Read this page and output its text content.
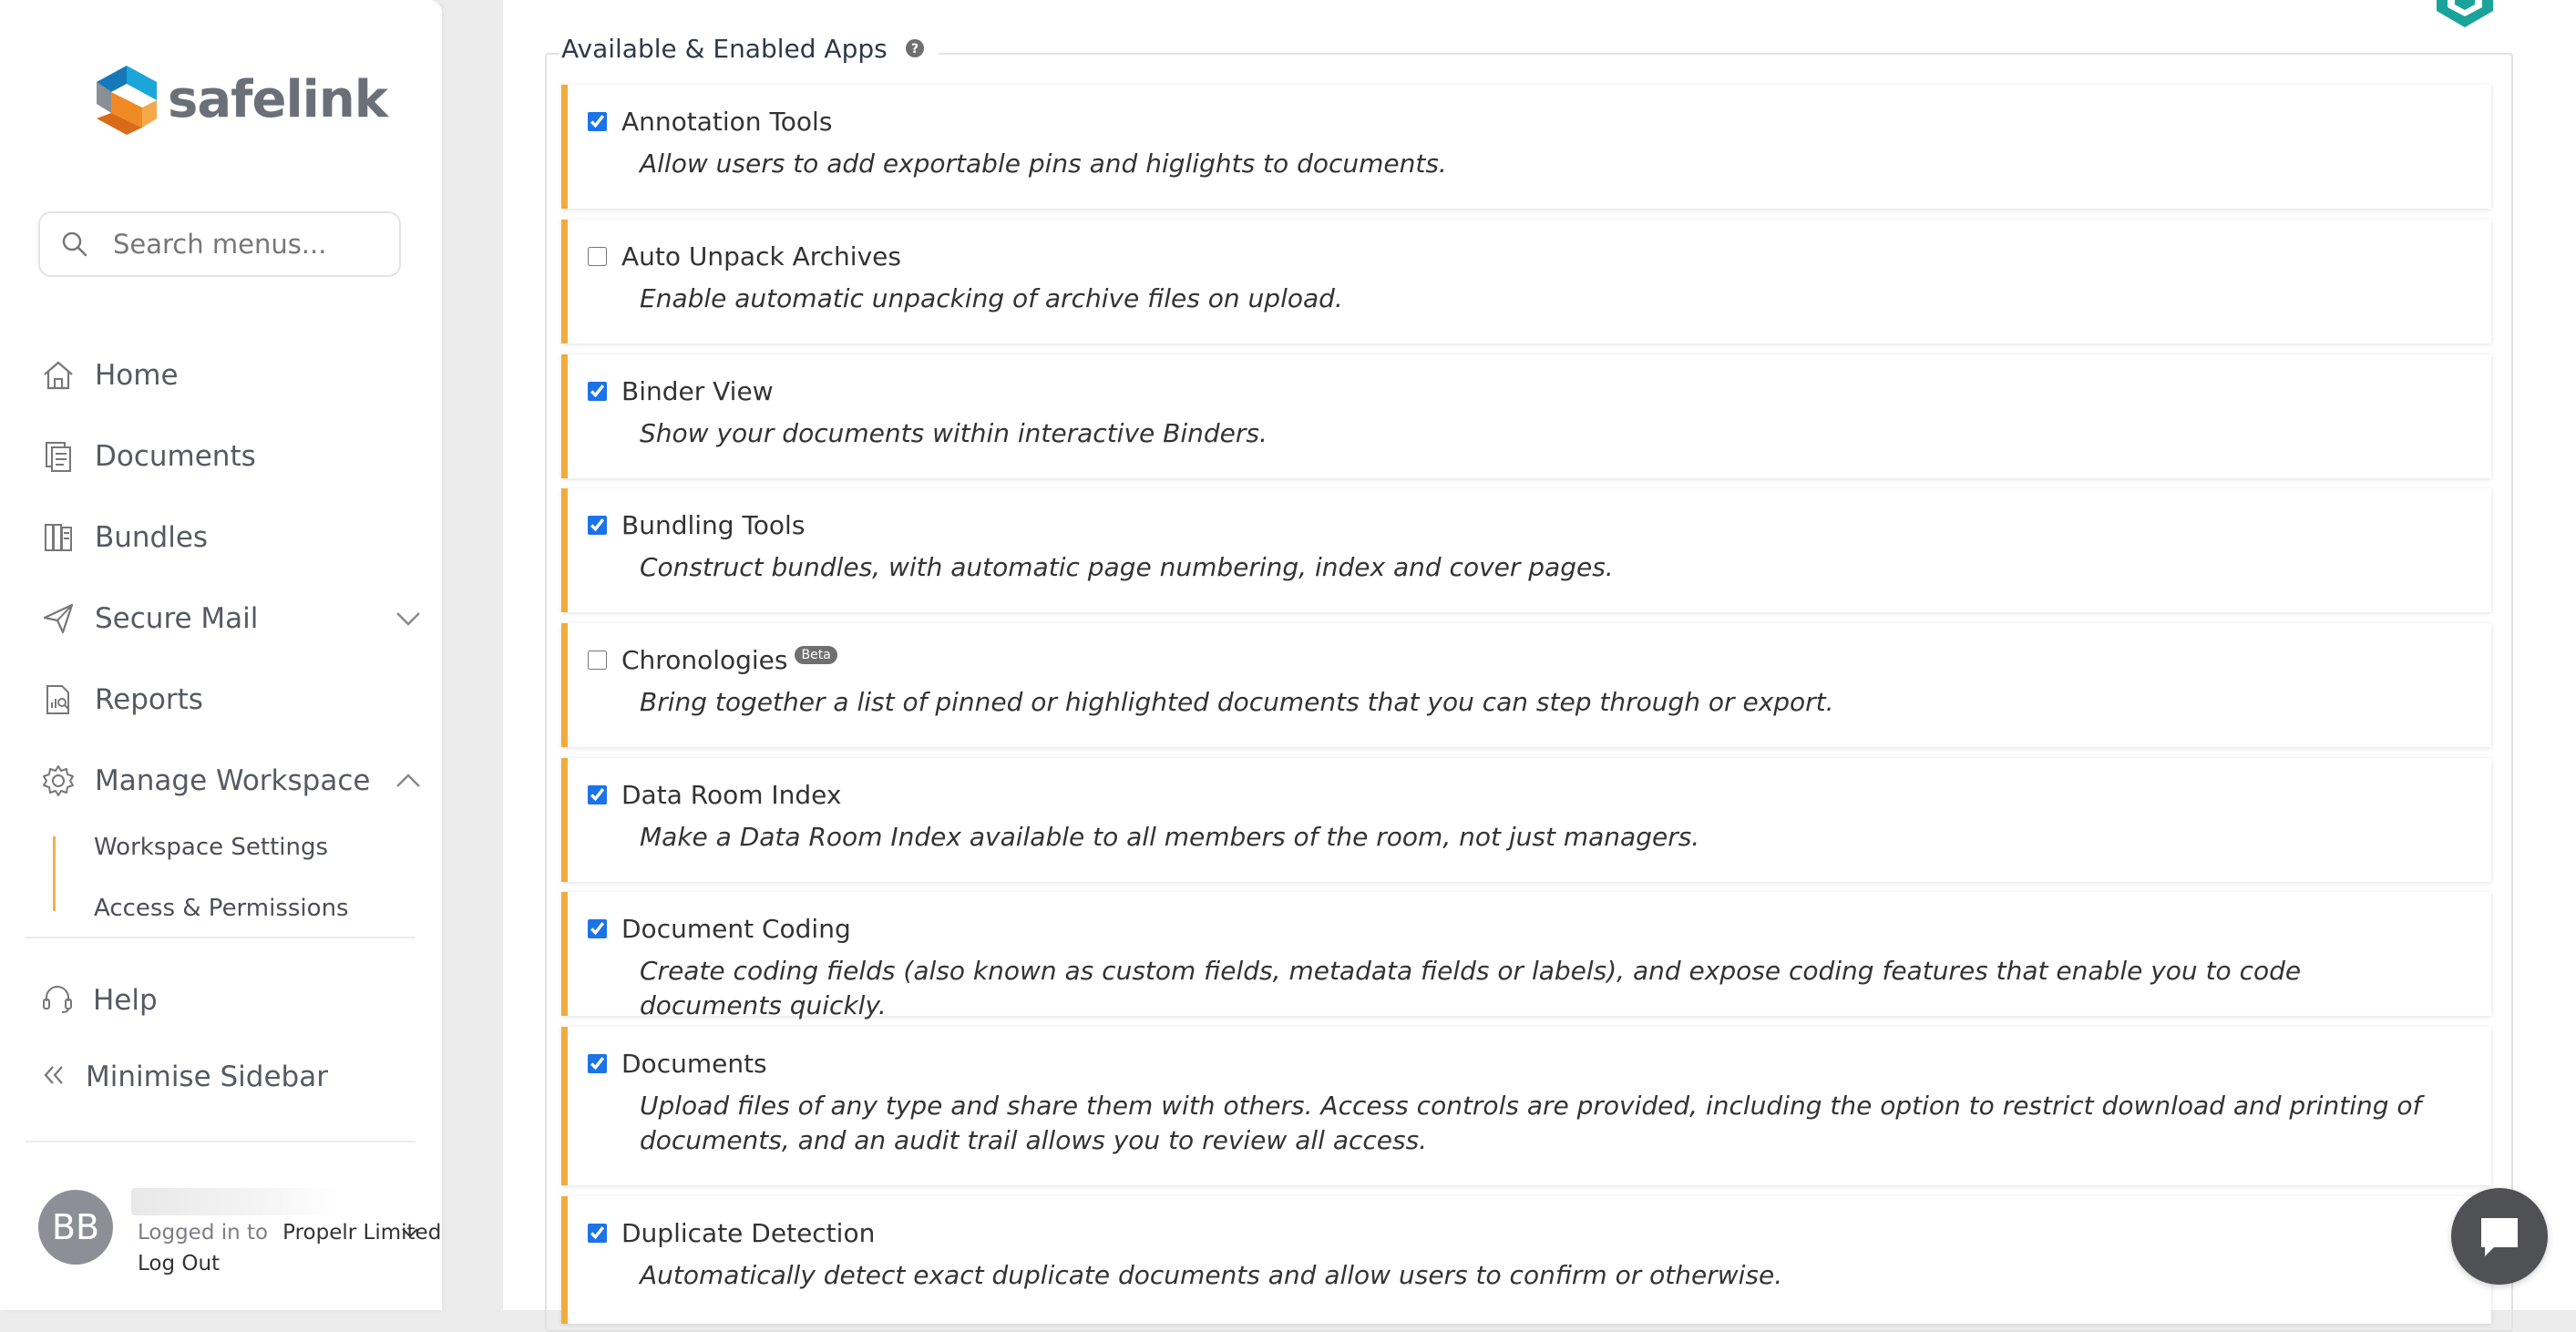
safelink
Search menus...
Home
Documents
Bundles
Secure Mail
Reports
Manage Workspace
Workspace Settings
Access & Permissions
Help
Minimise Sidebar
BB	Logged in to Propelr Limited
Log Out
Available & Enabled Apps ?
Annotation Tools
Allow users to add exportable pins and higlights to documents.
Auto Unpack Archives
Enable automatic unpacking of archive files on upload.
Binder View
Show your documents within interactive Binders.
Bundling Tools
Construct bundles, with automatic page numbering, index and cover pages.
Chronologies	Beta
Bring together a list of pinned or highlighted documents that you can step through or export.
Data Room Index
Make a Data Room Index available to all members of the room, not just managers.
Document Coding
Create coding fields (also known as custom fields, metadata fields or labels), and expose coding features that enable you to code documents quickly.
Documents
Upload files of any type and share them with others. Access controls are provided, including the option to restrict download and printing of documents, and an audit trail allows you to review all access.
Duplicate Detection
Automatically detect exact duplicate documents and allow users to confirm or otherwise.
